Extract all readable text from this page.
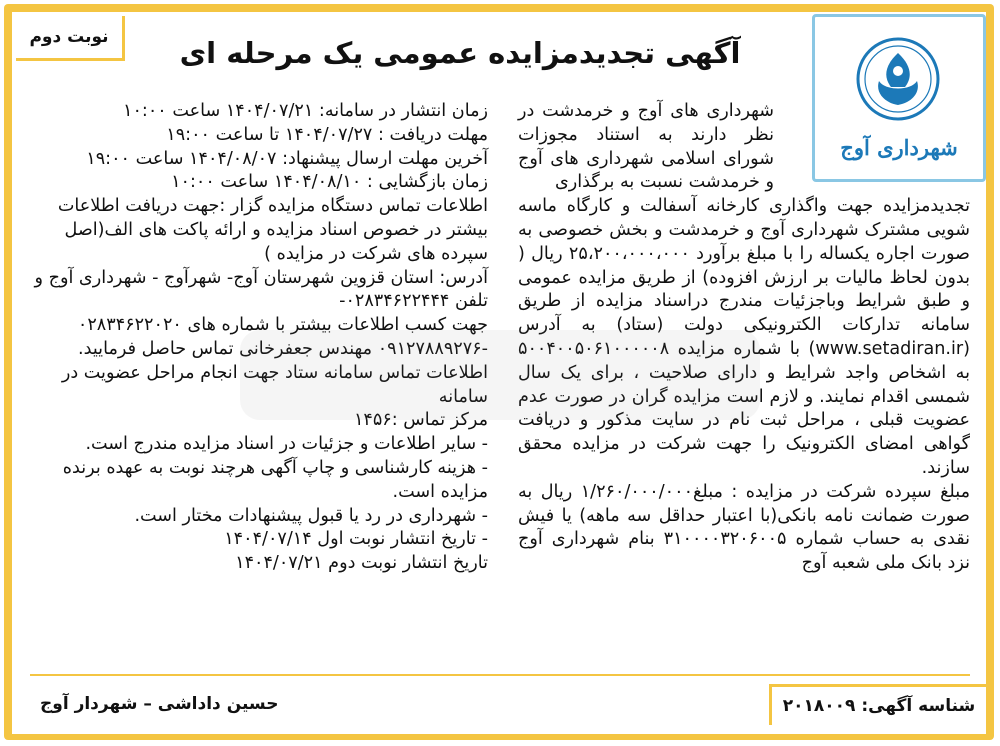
نوبت دوم
شهرداری آوج
آگهی تجدیدمزایده عمومی یک مرحله ای

شهرداری های آوج و خرمدشت در نظر دارند به استناد مجوزات شورای اسلامی شهرداری های آوج و خرمدشت نسبت به برگذاری

تجدیدمزایده جهت واگذاری کارخانه آسفالت و کارگاه ماسه شویی مشترک شهرداری آوج و خرمدشت و بخش خصوصی به صورت اجاره یکساله را با مبلغ برآورد ۲۵،۲۰۰،۰۰۰،۰۰۰ ریال ( بدون لحاظ مالیات بر ارزش افزوده) از طریق مزایده عمومی و طبق شرایط وباجزئیات مندرج دراسناد مزایده از طریق سامانه تدارکات الکترونیکی دولت (ستاد) به آدرس (www.setadiran.ir) با شماره مزایده ۵۰۰۴۰۰۵۰۶۱۰۰۰۰۰۸ به اشخاص واجد شرایط و دارای صلاحیت ، برای یک سال شمسی اقدام نمایند. و لازم است مزایده گران در صورت عدم عضویت قبلی ، مراحل ثبت نام در سایت مذکور و دریافت گواهی امضای الکترونیک را جهت شرکت در مزایده محقق سازند.

مبلغ سپرده شرکت در مزایده : مبلغ۱/۲۶۰/۰۰۰/۰۰۰ ریال به صورت ضمانت نامه بانکی(با اعتبار حداقل سه ماهه) یا فیش نقدی به حساب شماره ۳۱۰۰۰۰۳۲۰۶۰۰۵ بنام شهرداری آوج نزد بانک ملی شعبه آوج

زمان انتشار در سامانه: ۱۴۰۴/۰۷/۲۱ ساعت ۱۰:۰۰

مهلت دریافت : ۱۴۰۴/۰۷/۲۷ تا ساعت ۱۹:۰۰

آخرین مهلت ارسال پیشنهاد: ۱۴۰۴/۰۸/۰۷ ساعت ۱۹:۰۰

زمان بازگشایی : ۱۴۰۴/۰۸/۱۰ ساعت ۱۰:۰۰

اطلاعات تماس دستگاه مزایده گزار :جهت دریافت اطلاعات بیشتر در خصوص اسناد مزایده و ارائه پاکت های الف(اصل سپرده های شرکت در مزایده )

آدرس: استان قزوین شهرستان آوج- شهرآوج - شهرداری آوج و تلفن ۰۲۸۳۴۶۲۲۴۴۴-

جهت کسب اطلاعات بیشتر با شماره های ۰۲۸۳۴۶۲۲۰۲۰ -۰۹۱۲۷۸۸۹۲۷۶ مهندس جعفرخانی تماس حاصل فرمایید.

اطلاعات تماس سامانه ستاد جهت انجام مراحل عضویت در سامانه

مرکز تماس :۱۴۵۶

- سایر اطلاعات و جزئیات در اسناد مزایده مندرج است.

- هزینه کارشناسی و چاپ آگهی هرچند نوبت به عهده برنده مزایده است.

- شهرداری در رد یا قبول پیشنهادات مختار است.

- تاریخ انتشار نوبت اول ۱۴۰۴/۰۷/۱۴

تاریخ انتشار نوبت دوم ۱۴۰۴/۰۷/۲۱

حسین داداشی – شهردار آوج	شناسه آگهی: ۲۰۱۸۰۰۹
